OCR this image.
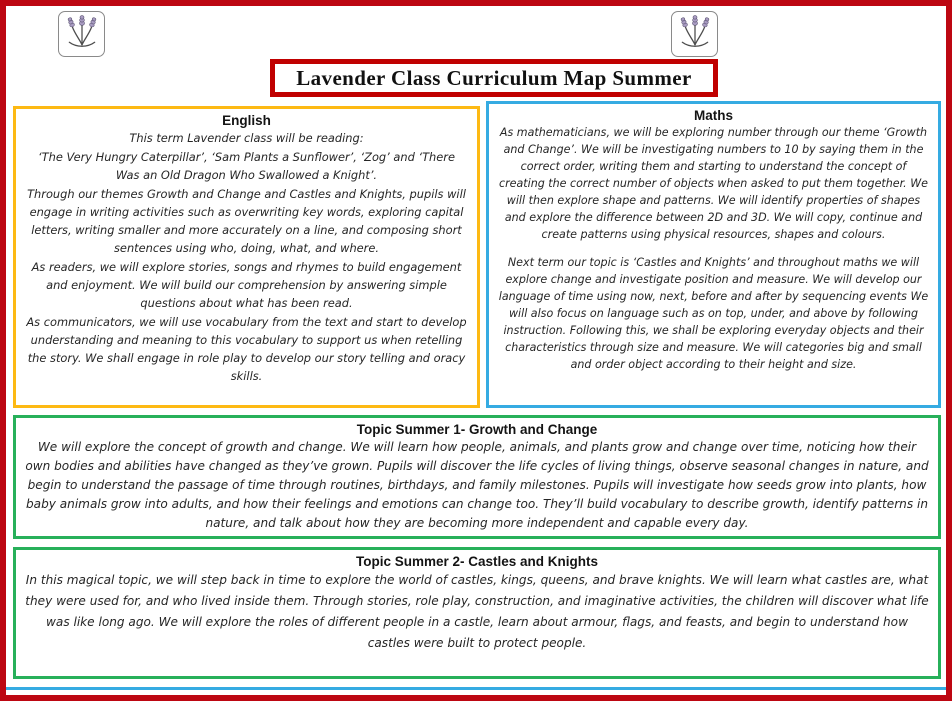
Lavender Class Curriculum Map Summer
English

This term Lavender class will be reading:

‘The Very Hungry Caterpillar’, ‘Sam Plants a Sunflower’, ‘Zog’ and ‘There Was an Old Dragon Who Swallowed a Knight’.

Through our themes Growth and Change and Castles and Knights, pupils will engage in writing activities such as overwriting key words, exploring capital letters, writing smaller and more accurately on a line, and composing short sentences using who, doing, what, and where.

As readers, we will explore stories, songs and rhymes to build engagement and enjoyment. We will build our comprehension by answering simple questions about what has been read.

As communicators, we will use vocabulary from the text and start to develop understanding and meaning to this vocabulary to support us when retelling the story. We shall engage in role play to develop our story telling and oracy skills.

Maths

As mathematicians, we will be exploring number through our theme ‘Growth and Change’. We will be investigating numbers to 10 by saying them in the correct order, writing them and starting to understand the concept of creating the correct number of objects when asked to put them together. We will then explore shape and patterns. We will identify properties of shapes and explore the difference between 2D and 3D. We will copy, continue and create patterns using physical resources, shapes and colours.

Next term our topic is ‘Castles and Knights’ and throughout maths we will explore change and investigate position and measure. We will develop our language of time using now, next, before and after by sequencing events We will also focus on language such as on top, under, and above by following instruction. Following this, we shall be exploring everyday objects and their characteristics through size and measure. We will categories big and small and order object according to their height and size.

Topic Summer 1- Growth and Change

We will explore the concept of growth and change. We will learn how people, animals, and plants grow and change over time, noticing how their own bodies and abilities have changed as they’ve grown. Pupils will discover the life cycles of living things, observe seasonal changes in nature, and begin to understand the passage of time through routines, birthdays, and family milestones. Pupils will investigate how seeds grow into plants, how baby animals grow into adults, and how their feelings and emotions can change too. They’ll build vocabulary to describe growth, identify patterns in nature, and talk about how they are becoming more independent and capable every day.

Topic Summer 2- Castles and Knights

In this magical topic, we will step back in time to explore the world of castles, kings, queens, and brave knights. We will learn what castles are, what they were used for, and who lived inside them. Through stories, role play, construction, and imaginative activities, the children will discover what life was like long ago. We will explore the roles of different people in a castle, learn about armour, flags, and feasts, and begin to understand how castles were built to protect people.
